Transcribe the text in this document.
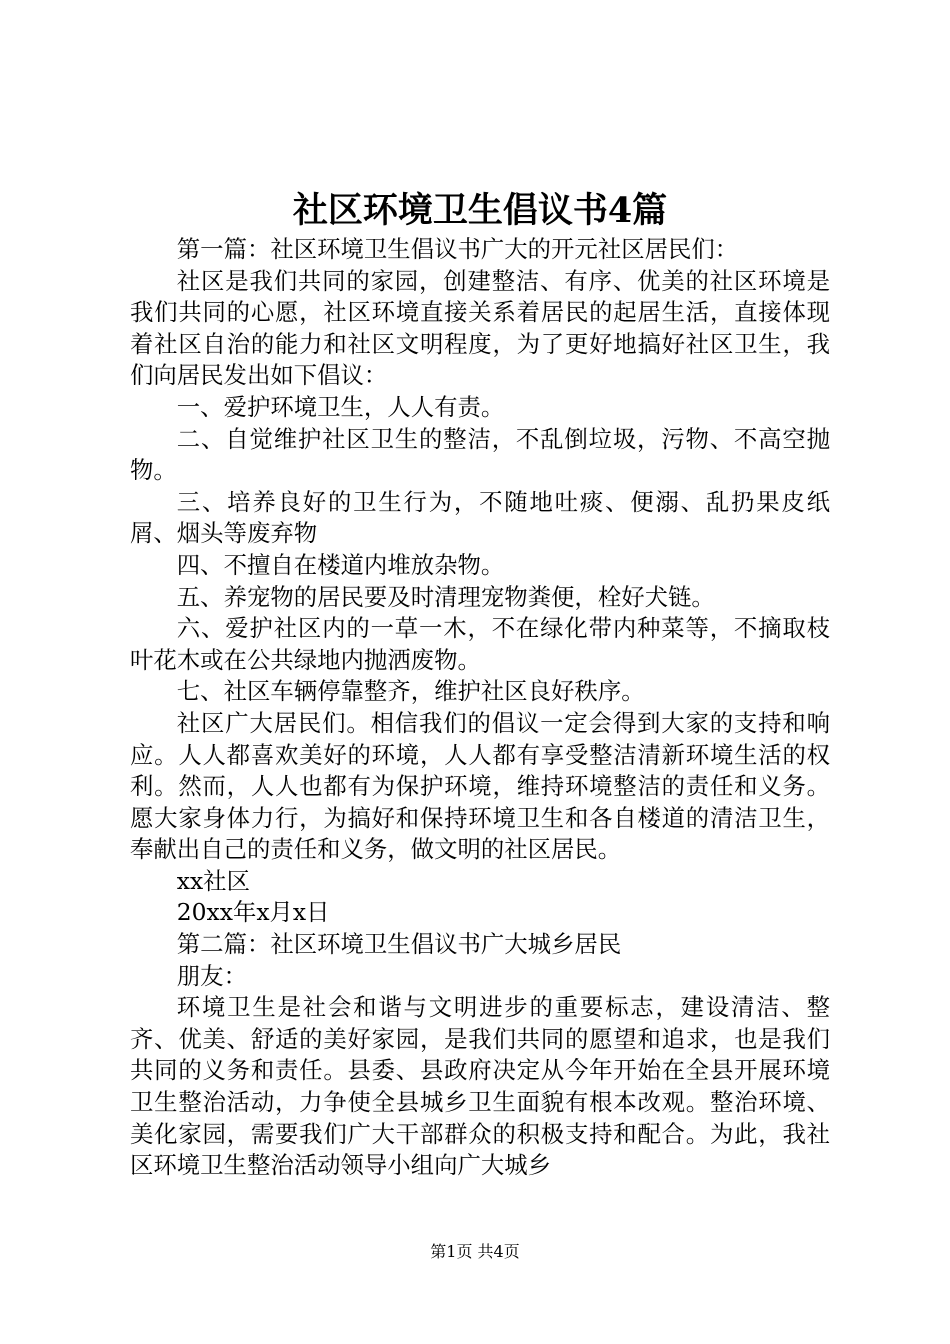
社区环境卫生倡议书4篇

第一篇：社区环境卫生倡议书广大的开元社区居民们：

社区是我们共同的家园，创建整洁、有序、优美的社区环境是我们共同的心愿，社区环境直接关系着居民的起居生活，直接体现着社区自治的能力和社区文明程度，为了更好地搞好社区卫生，我们向居民发出如下倡议：

一、爱护环境卫生，人人有责。

二、自觉维护社区卫生的整洁，不乱倒垃圾，污物、不高空抛物。

三、培养良好的卫生行为，不随地吐痰、便溺、乱扔果皮纸屑、烟头等废弃物

四、不擅自在楼道内堆放杂物。

五、养宠物的居民要及时清理宠物粪便，栓好犬链。

六、爱护社区内的一草一木，不在绿化带内种菜等，不摘取枝叶花木或在公共绿地内抛洒废物。

七、社区车辆停靠整齐，维护社区良好秩序。

社区广大居民们。相信我们的倡议一定会得到大家的支持和响应。人人都喜欢美好的环境，人人都有享受整洁清新环境生活的权利。然而，人人也都有为保护环境，维持环境整洁的责任和义务。愿大家身体力行，为搞好和保持环境卫生和各自楼道的清洁卫生，奉献出自己的责任和义务，做文明的社区居民。

xx社区

20xx年x月x日

第二篇：社区环境卫生倡议书广大城乡居民

朋友：

环境卫生是社会和谐与文明进步的重要标志，建设清洁、整齐、优美、舒适的美好家园，是我们共同的愿望和追求，也是我们共同的义务和责任。县委、县政府决定从今年开始在全县开展环境卫生整治活动，力争使全县城乡卫生面貌有根本改观。整治环境、美化家园，需要我们广大干部群众的积极支持和配合。为此，我社区环境卫生整治活动领导小组向广大城乡

第1页 共4页
